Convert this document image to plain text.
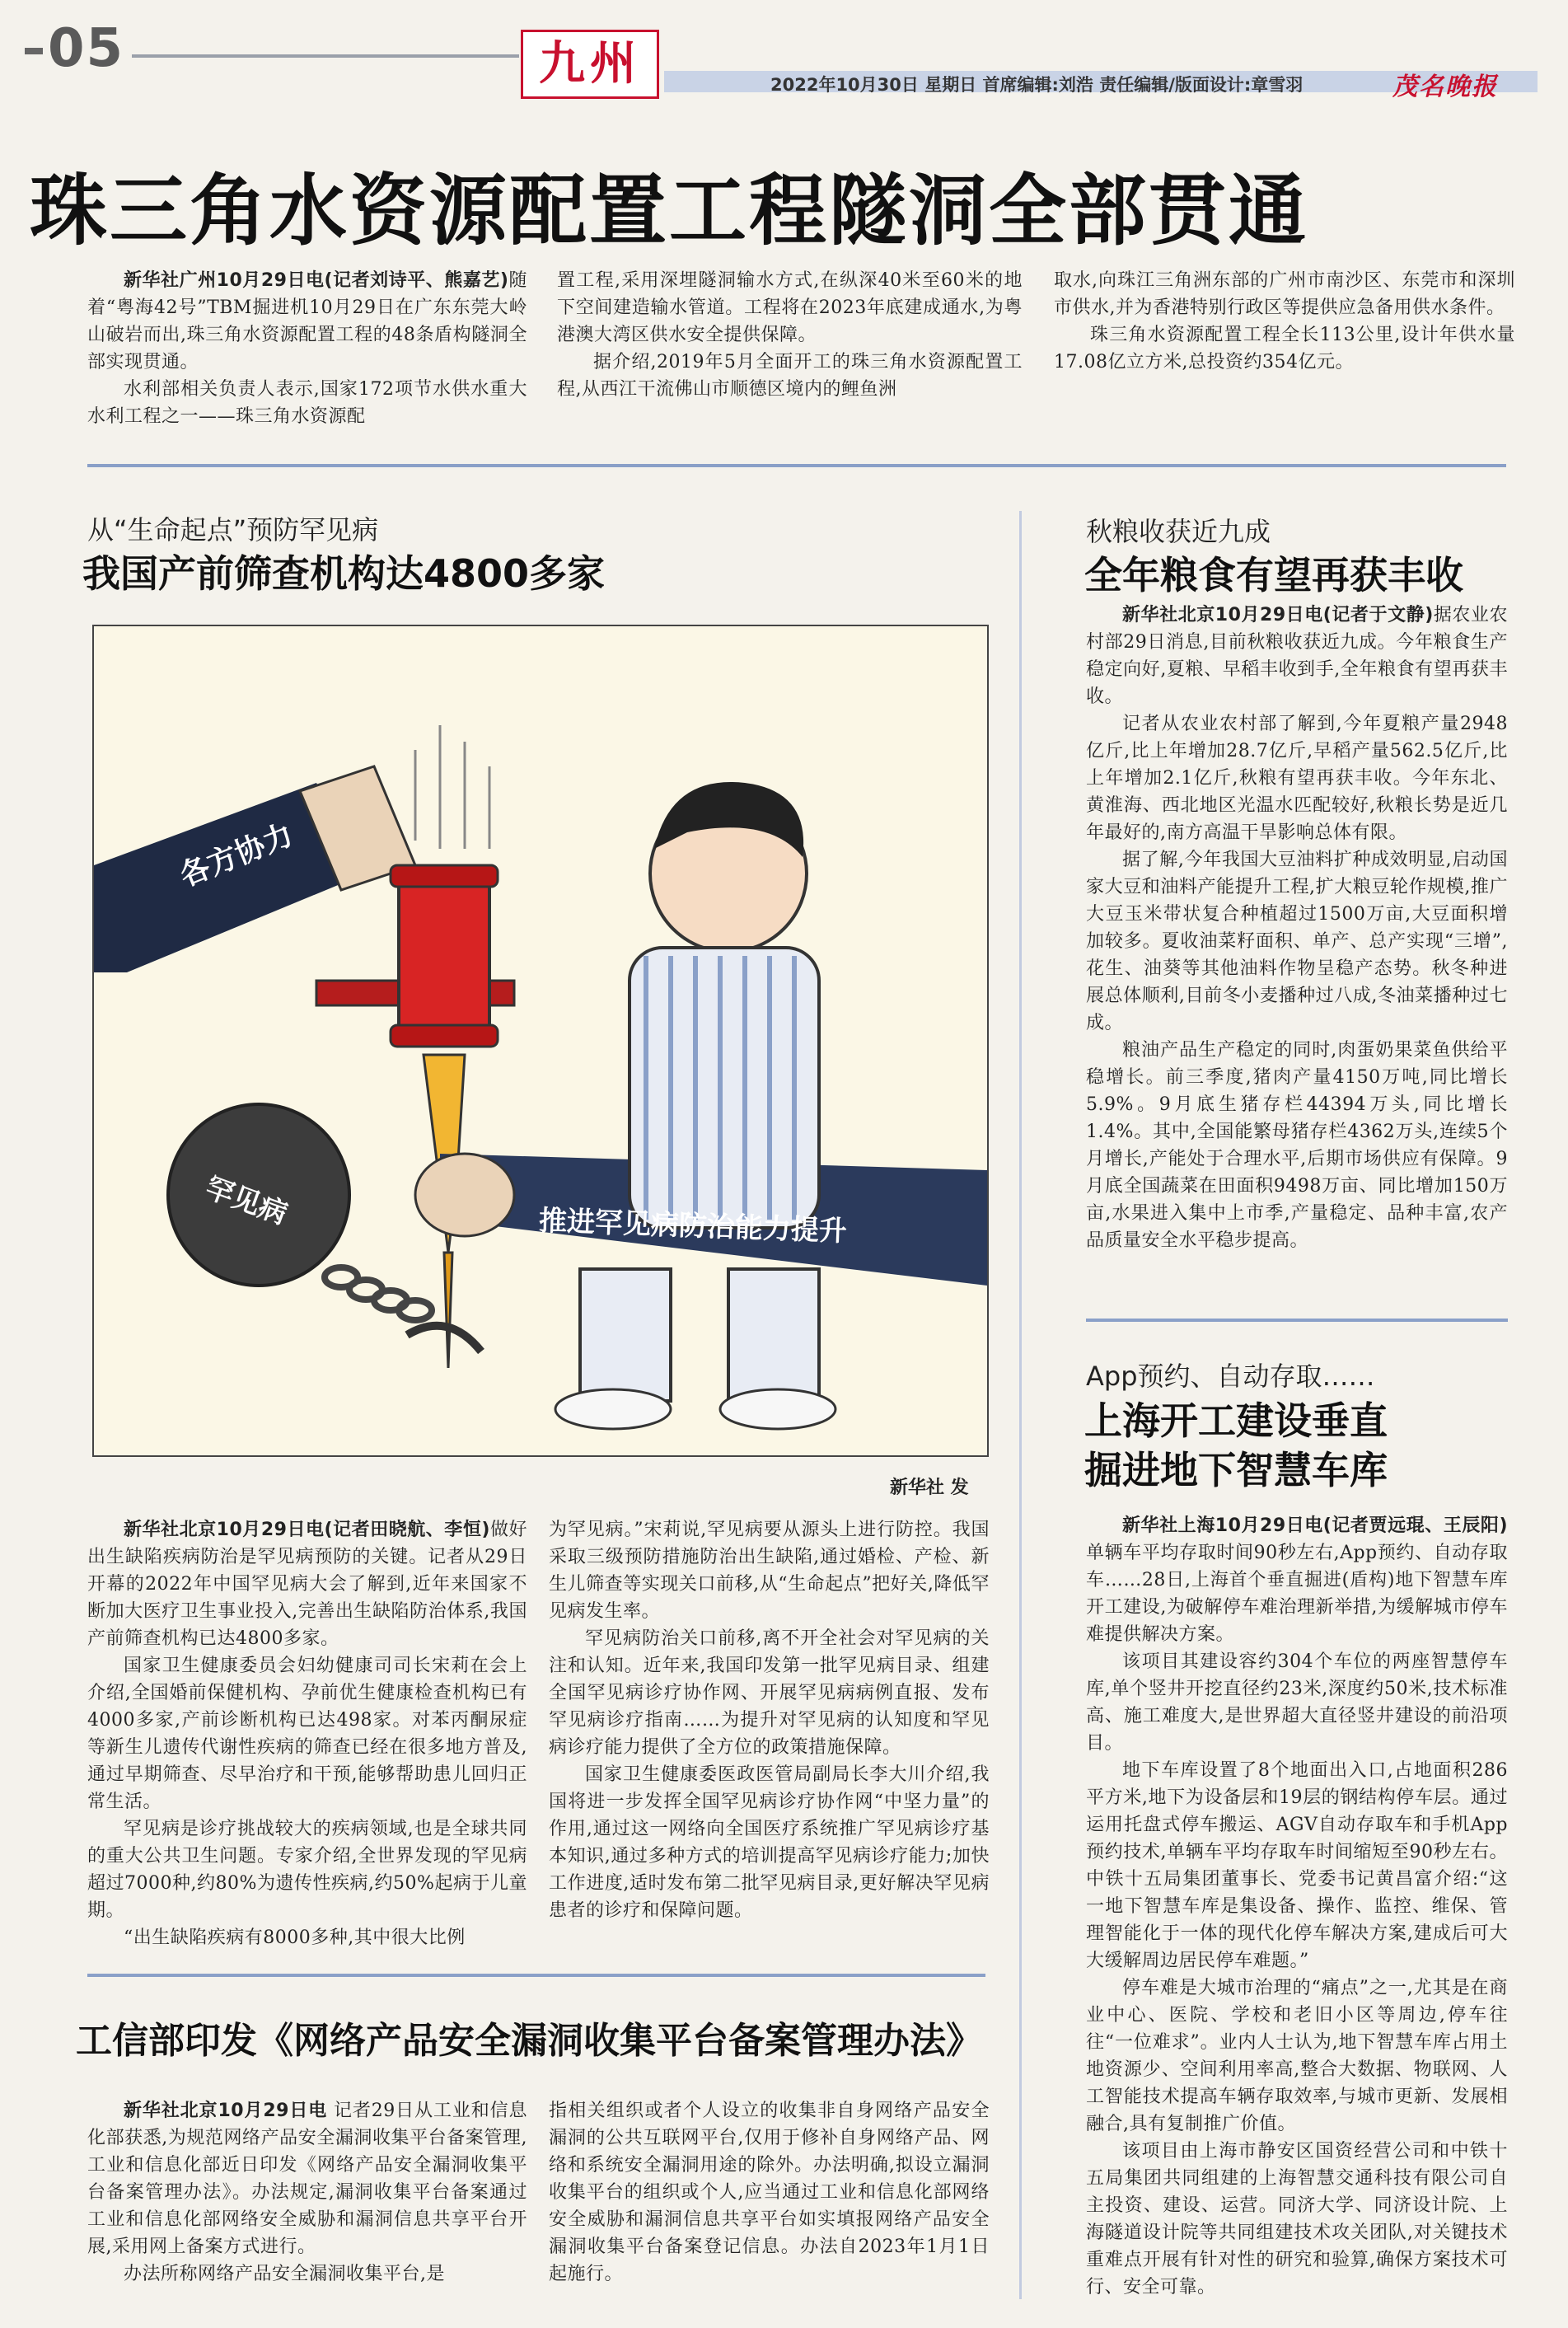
05	九州	2022年10月30日 星期日 首席编辑:刘浩 责任编辑/版面设计:章雪羽	茂名晚报
珠三角水资源配置工程隧洞全部贯通

新华社广州10月29日电(记者刘诗平、熊嘉艺)随着“粤海42号”TBM掘进机10月29日在广东东莞大岭山破岩而出,珠三角水资源配置工程的48条盾构隧洞全部实现贯通。

水利部相关负责人表示,国家172项节水供水重大水利工程之一——珠三角水资源配

置工程,采用深埋隧洞输水方式,在纵深40米至60米的地下空间建造输水管道。工程将在2023年底建成通水,为粤港澳大湾区供水安全提供保障。

据介绍,2019年5月全面开工的珠三角水资源配置工程,从西江干流佛山市顺德区境内的鲤鱼洲

取水,向珠江三角洲东部的广州市南沙区、东莞市和深圳市供水,并为香港特别行政区等提供应急备用供水条件。

珠三角水资源配置工程全长113公里,设计年供水量17.08亿立方米,总投资约354亿元。

从“生命起点”预防罕见病
我国产前筛查机构达4800多家
各方协力
罕见病	推进罕见病防治能力提升
新华社 发

新华社北京10月29日电(记者田晓航、李恒)做好出生缺陷疾病防治是罕见病预防的关键。记者从29日开幕的2022年中国罕见病大会了解到,近年来国家不断加大医疗卫生事业投入,完善出生缺陷防治体系,我国产前筛查机构已达4800多家。

国家卫生健康委员会妇幼健康司司长宋莉在会上介绍,全国婚前保健机构、孕前优生健康检查机构已有4000多家,产前诊断机构已达498家。对苯丙酮尿症等新生儿遗传代谢性疾病的筛查已经在很多地方普及,通过早期筛查、尽早治疗和干预,能够帮助患儿回归正常生活。

罕见病是诊疗挑战较大的疾病领域,也是全球共同的重大公共卫生问题。专家介绍,全世界发现的罕见病超过7000种,约80%为遗传性疾病,约50%起病于儿童期。

“出生缺陷疾病有8000多种,其中很大比例

为罕见病。”宋莉说,罕见病要从源头上进行防控。我国采取三级预防措施防治出生缺陷,通过婚检、产检、新生儿筛查等实现关口前移,从“生命起点”把好关,降低罕见病发生率。

罕见病防治关口前移,离不开全社会对罕见病的关注和认知。近年来,我国印发第一批罕见病目录、组建全国罕见病诊疗协作网、开展罕见病病例直报、发布罕见病诊疗指南……为提升对罕见病的认知度和罕见病诊疗能力提供了全方位的政策措施保障。

国家卫生健康委医政医管局副局长李大川介绍,我国将进一步发挥全国罕见病诊疗协作网“中坚力量”的作用,通过这一网络向全国医疗系统推广罕见病诊疗基本知识,通过多种方式的培训提高罕见病诊疗能力;加快工作进度,适时发布第二批罕见病目录,更好解决罕见病患者的诊疗和保障问题。

工信部印发《网络产品安全漏洞收集平台备案管理办法》

新华社北京10月29日电 记者29日从工业和信息化部获悉,为规范网络产品安全漏洞收集平台备案管理,工业和信息化部近日印发《网络产品安全漏洞收集平台备案管理办法》。办法规定,漏洞收集平台备案通过工业和信息化部网络安全威胁和漏洞信息共享平台开展,采用网上备案方式进行。

办法所称网络产品安全漏洞收集平台,是

指相关组织或者个人设立的收集非自身网络产品安全漏洞的公共互联网平台,仅用于修补自身网络产品、网络和系统安全漏洞用途的除外。办法明确,拟设立漏洞收集平台的组织或个人,应当通过工业和信息化部网络安全威胁和漏洞信息共享平台如实填报网络产品安全漏洞收集平台备案登记信息。办法自2023年1月1日起施行。

秋粮收获近九成
全年粮食有望再获丰收

新华社北京10月29日电(记者于文静)据农业农村部29日消息,目前秋粮收获近九成。今年粮食生产稳定向好,夏粮、早稻丰收到手,全年粮食有望再获丰收。

记者从农业农村部了解到,今年夏粮产量2948亿斤,比上年增加28.7亿斤,早稻产量562.5亿斤,比上年增加2.1亿斤,秋粮有望再获丰收。今年东北、黄淮海、西北地区光温水匹配较好,秋粮长势是近几年最好的,南方高温干旱影响总体有限。

据了解,今年我国大豆油料扩种成效明显,启动国家大豆和油料产能提升工程,扩大粮豆轮作规模,推广大豆玉米带状复合种植超过1500万亩,大豆面积增加较多。夏收油菜籽面积、单产、总产实现“三增”,花生、油葵等其他油料作物呈稳产态势。秋冬种进展总体顺利,目前冬小麦播种过八成,冬油菜播种过七成。

粮油产品生产稳定的同时,肉蛋奶果菜鱼供给平稳增长。前三季度,猪肉产量4150万吨,同比增长5.9%。9月底生猪存栏44394万头,同比增长1.4%。其中,全国能繁母猪存栏4362万头,连续5个月增长,产能处于合理水平,后期市场供应有保障。9月底全国蔬菜在田面积9498万亩、同比增加150万亩,水果进入集中上市季,产量稳定、品种丰富,农产品质量安全水平稳步提高。

App预约、自动存取……
上海开工建设垂直
掘进地下智慧车库

新华社上海10月29日电(记者贾远琨、王辰阳)单辆车平均存取时间90秒左右,App预约、自动存取车……28日,上海首个垂直掘进(盾构)地下智慧车库开工建设,为破解停车难治理新举措,为缓解城市停车难提供解决方案。

该项目其建设容约304个车位的两座智慧停车库,单个竖井开挖直径约23米,深度约50米,技术标准高、施工难度大,是世界超大直径竖井建设的前沿项目。

地下车库设置了8个地面出入口,占地面积286平方米,地下为设备层和19层的钢结构停车层。通过运用托盘式停车搬运、AGV自动存取车和手机App预约技术,单辆车平均存取车时间缩短至90秒左右。中铁十五局集团董事长、党委书记黄昌富介绍:“这一地下智慧车库是集设备、操作、监控、维保、管理智能化于一体的现代化停车解决方案,建成后可大大缓解周边居民停车难题。”

停车难是大城市治理的“痛点”之一,尤其是在商业中心、医院、学校和老旧小区等周边,停车往往“一位难求”。业内人士认为,地下智慧车库占用土地资源少、空间利用率高,整合大数据、物联网、人工智能技术提高车辆存取效率,与城市更新、发展相融合,具有复制推广价值。

该项目由上海市静安区国资经营公司和中铁十五局集团共同组建的上海智慧交通科技有限公司自主投资、建设、运营。同济大学、同济设计院、上海隧道设计院等共同组建技术攻关团队,对关键技术重难点开展有针对性的研究和验算,确保方案技术可行、安全可靠。
